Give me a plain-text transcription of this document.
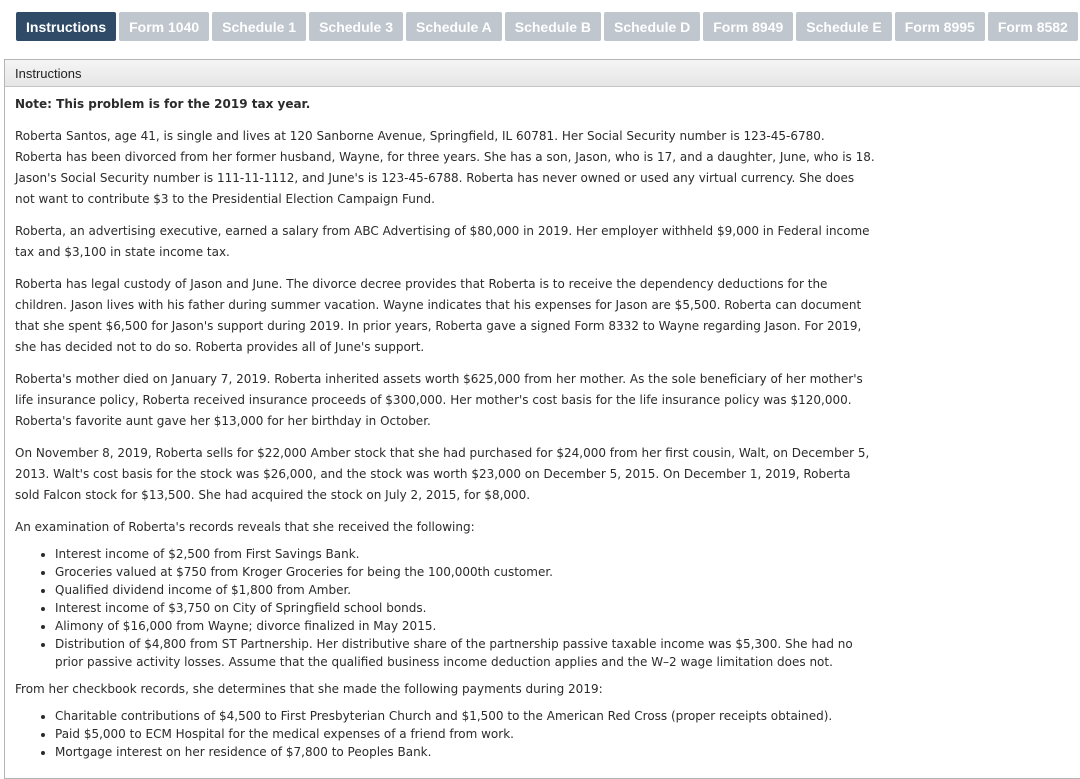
Instructions	Form 1040	Schedule 1	Schedule 3	Schedule A	Schedule B	Schedule D	Form 8949	Schedule E	Form 8995	Form 8582
Instructions
Note: This problem is for the 2019 tax year.

Roberta Santos, age 41, is single and lives at 120 Sanborne Avenue, Springfield, IL 60781. Her Social Security number is 123-45-6780. Roberta has been divorced from her former husband, Wayne, for three years. She has a son, Jason, who is 17, and a daughter, June, who is 18. Jason's Social Security number is 111-11-1112, and June's is 123-45-6788. Roberta has never owned or used any virtual currency. She does not want to contribute $3 to the Presidential Election Campaign Fund.

Roberta, an advertising executive, earned a salary from ABC Advertising of $80,000 in 2019. Her employer withheld $9,000 in Federal income tax and $3,100 in state income tax.

Roberta has legal custody of Jason and June. The divorce decree provides that Roberta is to receive the dependency deductions for the children. Jason lives with his father during summer vacation. Wayne indicates that his expenses for Jason are $5,500. Roberta can document that she spent $6,500 for Jason's support during 2019. In prior years, Roberta gave a signed Form 8332 to Wayne regarding Jason. For 2019, she has decided not to do so. Roberta provides all of June's support.

Roberta's mother died on January 7, 2019. Roberta inherited assets worth $625,000 from her mother. As the sole beneficiary of her mother's life insurance policy, Roberta received insurance proceeds of $300,000. Her mother's cost basis for the life insurance policy was $120,000. Roberta's favorite aunt gave her $13,000 for her birthday in October.

On November 8, 2019, Roberta sells for $22,000 Amber stock that she had purchased for $24,000 from her first cousin, Walt, on December 5, 2013. Walt's cost basis for the stock was $26,000, and the stock was worth $23,000 on December 5, 2015. On December 1, 2019, Roberta sold Falcon stock for $13,500. She had acquired the stock on July 2, 2015, for $8,000.

An examination of Roberta's records reveals that she received the following:

• Interest income of $2,500 from First Savings Bank.
• Groceries valued at $750 from Kroger Groceries for being the 100,000th customer.
• Qualified dividend income of $1,800 from Amber.
• Interest income of $3,750 on City of Springfield school bonds.
• Alimony of $16,000 from Wayne; divorce finalized in May 2015.
• Distribution of $4,800 from ST Partnership. Her distributive share of the partnership passive taxable income was $5,300. She had no prior passive activity losses. Assume that the qualified business income deduction applies and the W–2 wage limitation does not.

From her checkbook records, she determines that she made the following payments during 2019:

• Charitable contributions of $4,500 to First Presbyterian Church and $1,500 to the American Red Cross (proper receipts obtained).
• Paid $5,000 to ECM Hospital for the medical expenses of a friend from work.
• Mortgage interest on her residence of $7,800 to Peoples Bank.
